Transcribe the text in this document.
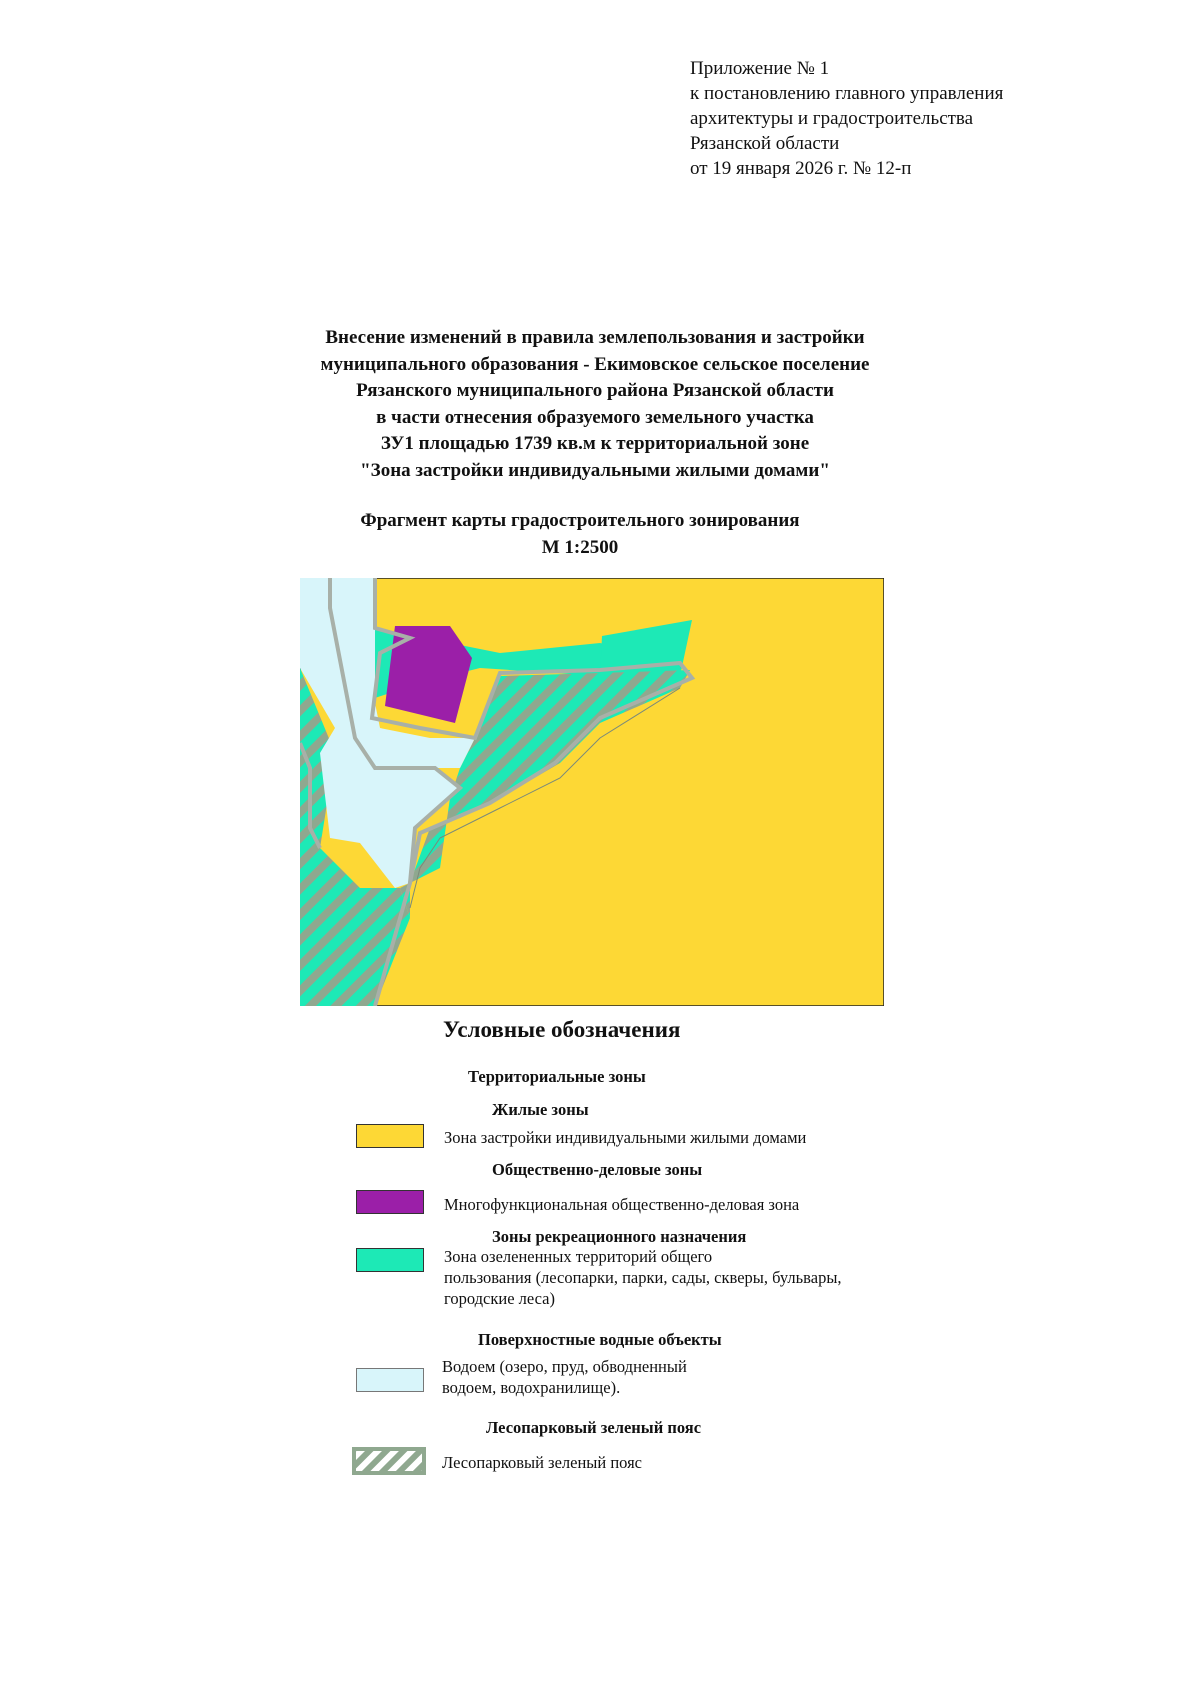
Приложение № 1
к постановлению главного управления
архитектуры и градостроительства
Рязанской области
от 19 января 2026 г. № 12-п
Внесение изменений в правила землепользования и застройки
муниципального образования - Екимовское сельское поселение
Рязанского муниципального района Рязанской области
в части отнесения образуемого земельного участка
ЗУ1 площадью 1739 кв.м к территориальной зоне
"Зона застройки индивидуальными жилыми домами"
Фрагмент карты градостроительного зонирования
М 1:2500
Условные обозначения
Территориальные зоны
Жилые зоны
Зона застройки индивидуальными жилыми домами
Общественно-деловые зоны
Многофункциональная общественно-деловая зона
Зоны рекреационного назначения
Зона озелененных территорий общего
пользования (лесопарки, парки, сады, скверы, бульвары,
городские леса)
Поверхностные водные объекты
Водоем (озеро, пруд, обводненный
водоем, водохранилище).
Лесопарковый зеленый пояс
Лесопарковый зеленый пояс
